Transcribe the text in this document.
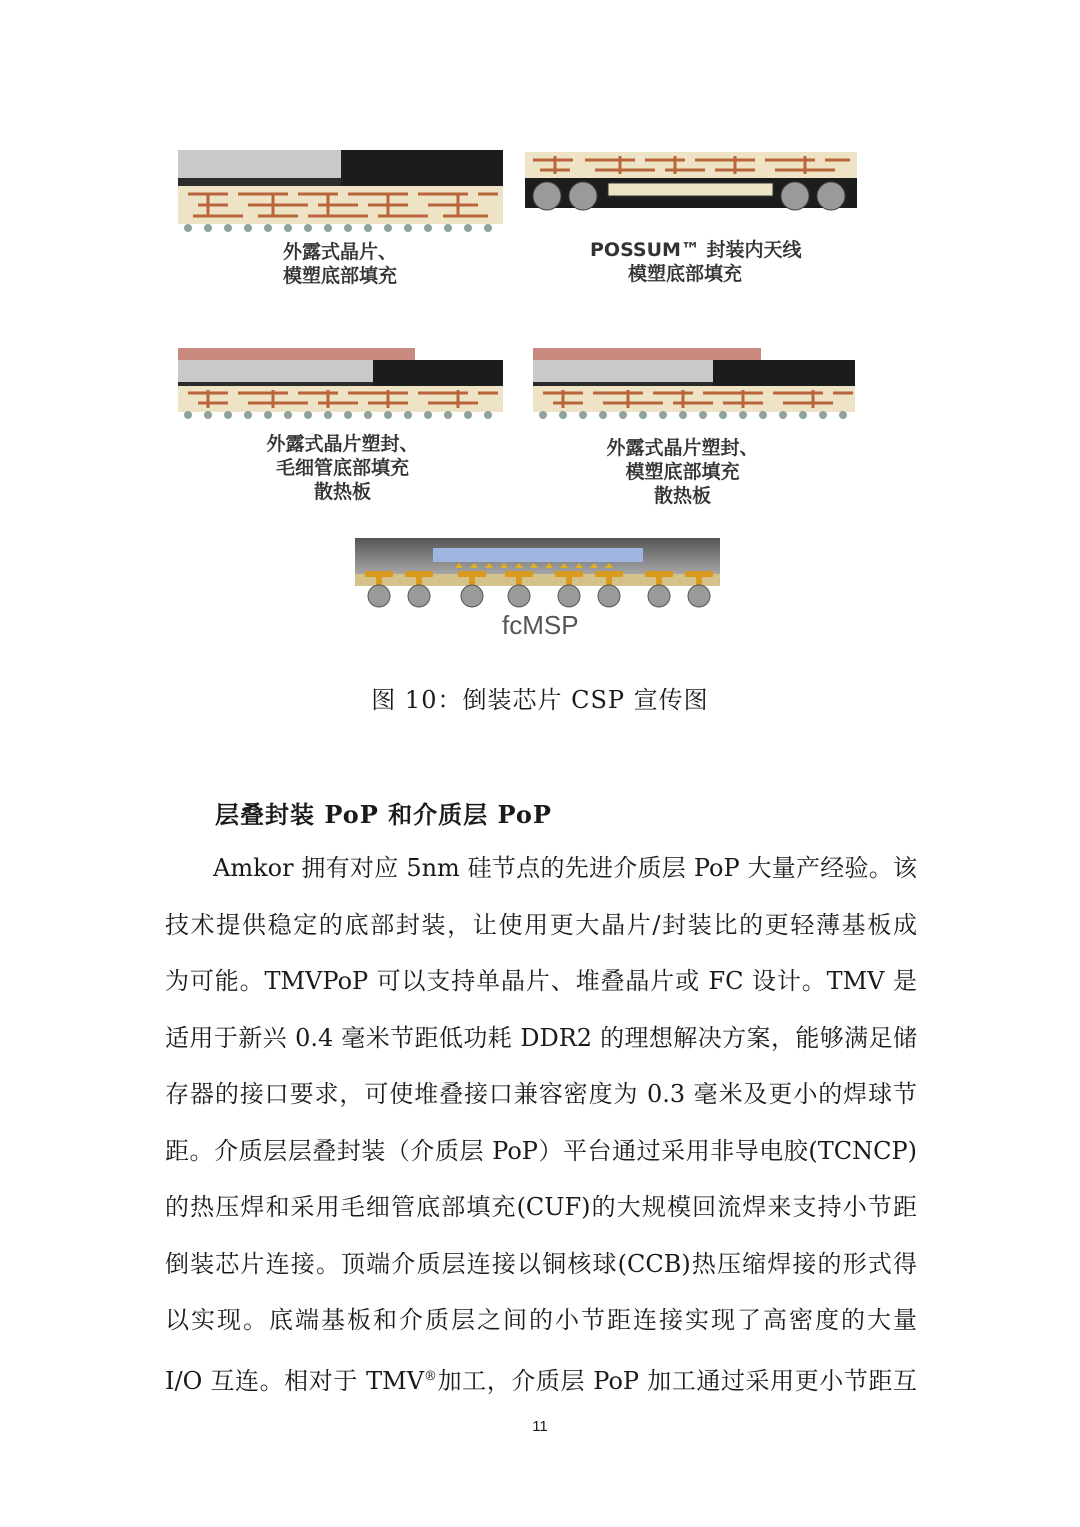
外露式晶片、
模塑底部填充
POSSUM™ 封装内天线
模塑底部填充
外露式晶片塑封、
毛细管底部填充
散热板
外露式晶片塑封、
模塑底部填充
散热板
fcMSP
图 10：倒装芯片 CSP 宣传图
层叠封装 PoP 和介质层 PoP
Amkor 拥有对应 5nm 硅节点的先进介质层 PoP 大量产经验。该
技术提供稳定的底部封装，让使用更大晶片/封装比的更轻薄基板成
为可能。TMVPoP 可以支持单晶片、堆叠晶片或 FC 设计。TMV 是
适用于新兴 0.4 毫米节距低功耗 DDR2 的理想解决方案，能够满足储
存器的接口要求，可使堆叠接口兼容密度为 0.3 毫米及更小的焊球节
距。介质层层叠封装（介质层 PoP）平台通过采用非导电胶(TCNCP)
的热压焊和采用毛细管底部填充(CUF)的大规模回流焊来支持小节距
倒装芯片连接。顶端介质层连接以铜核球(CCB)热压缩焊接的形式得
以实现。底端基板和介质层之间的小节距连接实现了高密度的大量
I/O 互连。相对于 TMV®加工，介质层 PoP 加工通过采用更小节距互
11
